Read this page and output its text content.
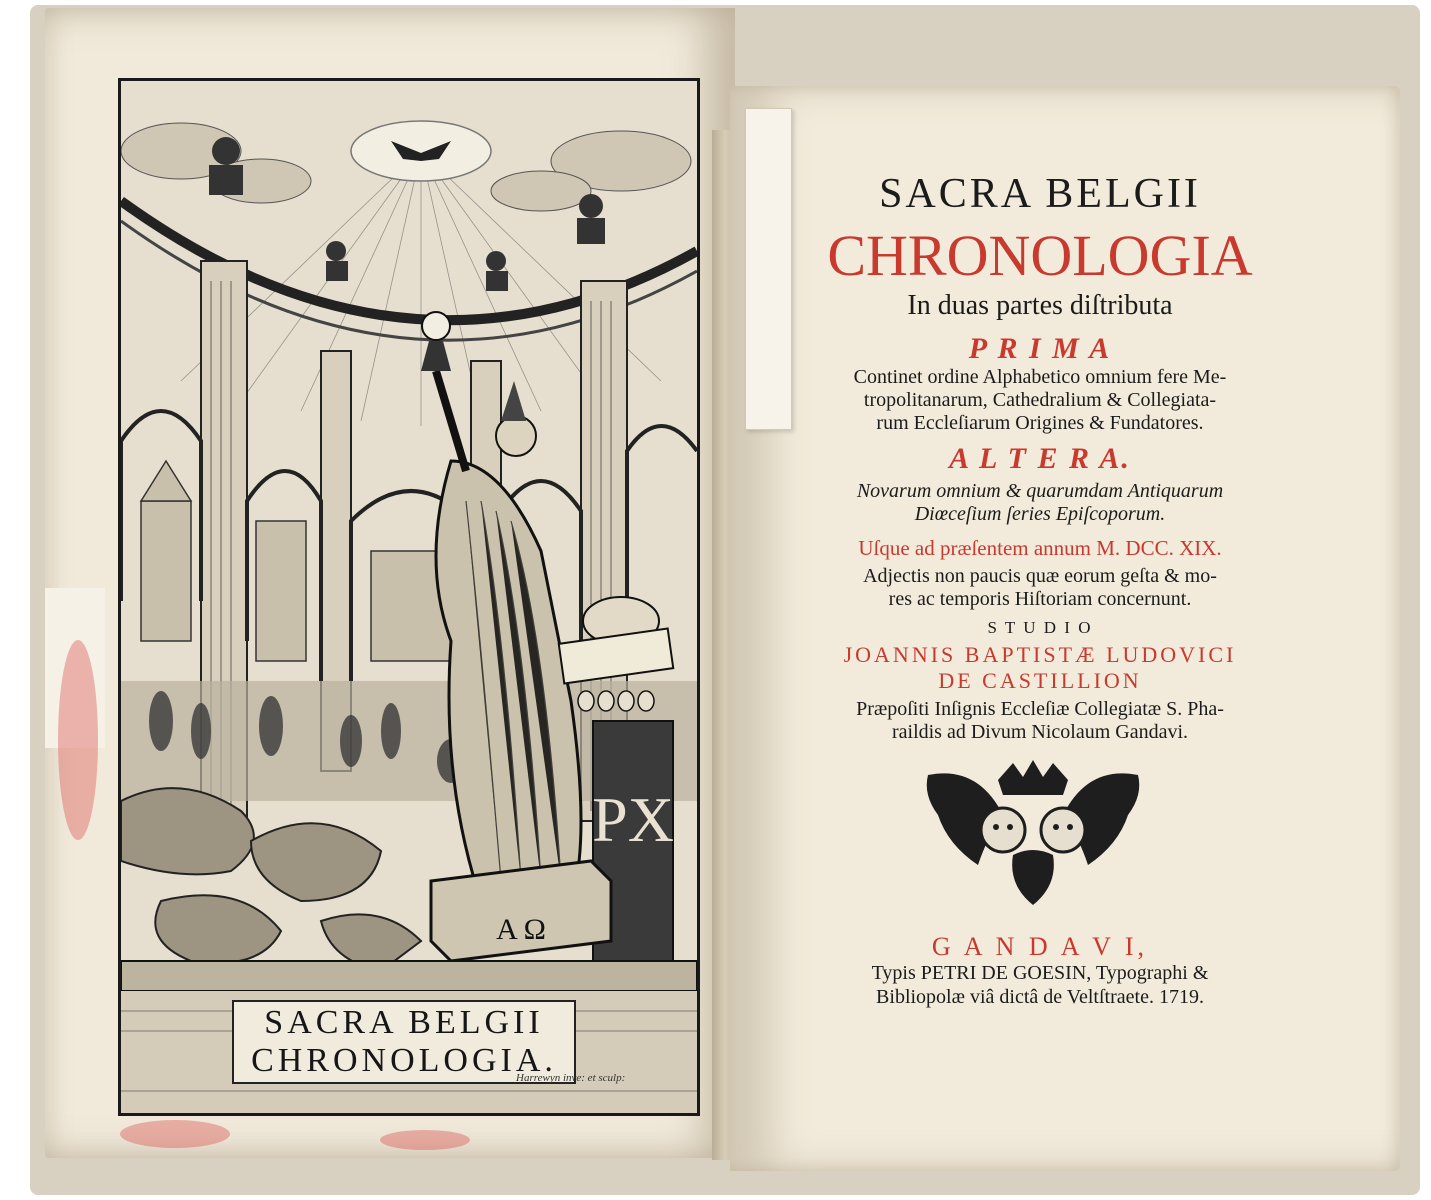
PX
A Ω
SACRA BELGII
CHRONOLOGIA.
Harrewyn inve: et sculp:
SACRA BELGII
CHRONOLOGIA
In duas partes diſtributa
P R I M A
Continet ordine Alphabetico omnium fere Me-
tropolitanarum, Cathedralium & Collegiata-
rum Eccleſiarum Origines & Fundatores.
A L T E R A.
Novarum omnium & quarumdam Antiquarum
Diœceſium ſeries Epiſcoporum.
Uſque ad præſentem annum M. DCC. XIX.
Adjectis non paucis quæ eorum geſta & mo-
res ac temporis Hiſtoriam concernunt.
S T U D I O
JOANNIS BAPTISTÆ LUDOVICI
DE CASTILLION
Præpoſiti Inſignis Eccleſiæ Collegiatæ S. Pha-
raildis ad Divum Nicolaum Gandavi.
G A N D A V I,
Typis PETRI DE GOESIN, Typographi &
Bibliopolæ viâ dictâ de Veltſtraete. 1719.
